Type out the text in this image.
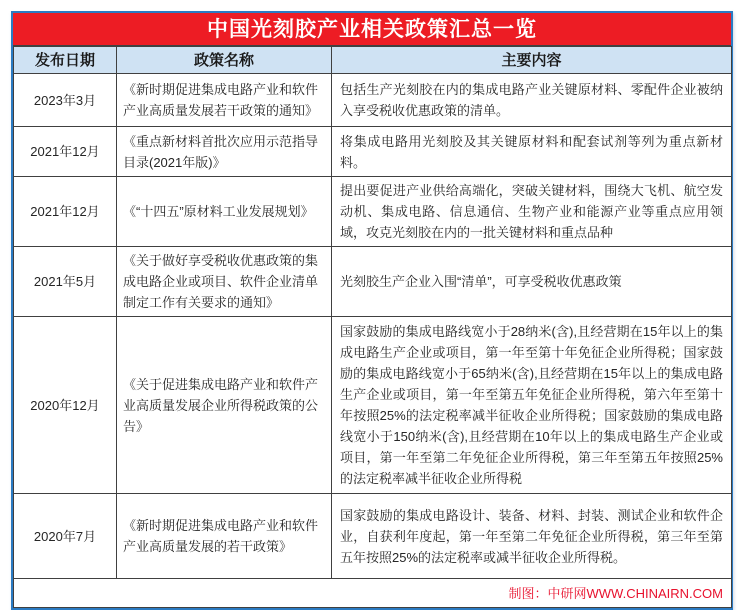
中国光刻胶产业相关政策汇总一览
发布日期	政策名称	主要内容
2023年3月	《新时期促进集成电路产业和软件产业高质量发展若干政策的通知》	包括生产光刻胶在内的集成电路产业关键原材料、零配件企业被纳入享受税收优惠政策的清单。
2021年12月	《重点新材料首批次应用示范指导目录(2021年版)》	将集成电路用光刻胶及其关键原材料和配套试剂等列为重点新材料。
2021年12月	《“十四五”原材料工业发展规划》	提出要促进产业供给高端化，突破关键材料，围绕大飞机、航空发动机、集成电路、信息通信、生物产业和能源产业等重点应用领域，攻克光刻胶在内的一批关键材料和重点品种
2021年5月	《关于做好享受税收优惠政策的集成电路企业或项目、软件企业清单制定工作有关要求的通知》	光刻胶生产企业入围“清单”，可享受税收优惠政策
2020年12月	《关于促进集成电路产业和软件产业高质量发展企业所得税政策的公告》	国家鼓励的集成电路线宽小于28纳米(含),且经营期在15年以上的集成电路生产企业或项目，第一年至第十年免征企业所得税；国家鼓励的集成电路线宽小于65纳米(含),且经营期在15年以上的集成电路生产企业或项目，第一年至第五年免征企业所得税，第六年至第十年按照25%的法定税率减半征收企业所得税；国家鼓励的集成电路线宽小于150纳米(含),且经营期在10年以上的集成电路生产企业或项目，第一年至第二年免征企业所得税，第三年至第五年按照25%的法定税率减半征收企业所得税
2020年7月	《新时期促进集成电路产业和软件产业高质量发展的若干政策》	国家鼓励的集成电路设计、装备、材料、封装、测试企业和软件企业，自获利年度起，第一年至第二年免征企业所得税，第三年至第五年按照25%的法定税率或减半征收企业所得税。
制图：中研网WWW.CHINAIRN.COM		
